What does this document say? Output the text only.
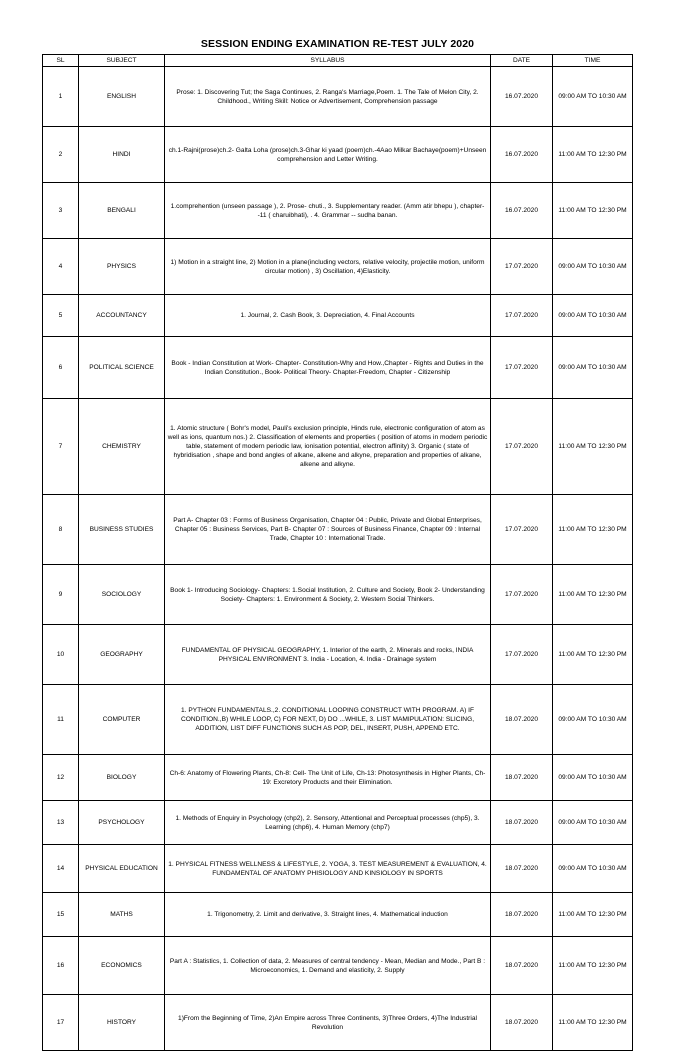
SESSION ENDING EXAMINATION RE-TEST JULY 2020
SL	SUBJECT	SYLLABUS	DATE	TIME
1	ENGLISH	Prose: 1. Discovering Tut; the Saga Continues, 2. Ranga's Marriage,Poem. 1. The Tale of Melon City, 2. Childhood., Writing Skill: Notice or Advertisement, Comprehension passage	16.07.2020	09:00 AM TO 10:30 AM
2	HINDI	ch.1-Rajni(prose)ch.2- Galta Loha (prose)ch.3-Ghar ki yaad (poem)ch.-4Aao Milkar Bachaye(poem)+Unseen comprehension and Letter Writing.	16.07.2020	11:00 AM TO 12:30 PM
3	BENGALI	1.comprehention (unseen passage ), 2. Prose- chuti., 3. Supplementary reader. (Amm atir bhepu ), chapter--11 ( charuibhati), . 4. Grammar -- sudha banan.	16.07.2020	11:00 AM TO 12:30 PM
4	PHYSICS	1) Motion in a straight line, 2) Motion in a plane(including vectors, relative velocity, projectile motion, uniform circular motion) , 3) Oscillation, 4)Elasticity.	17.07.2020	09:00 AM TO 10:30 AM
5	ACCOUNTANCY	1. Journal, 2. Cash Book, 3. Depreciation, 4. Final Accounts	17.07.2020	09:00 AM TO 10:30 AM
6	POLITICAL SCIENCE	Book - Indian Constitution at Work- Chapter- Constitution-Why and How.,Chapter - Rights and Duties in the Indian Constitution., Book- Political Theory- Chapter-Freedom, Chapter - Citizenship	17.07.2020	09:00 AM TO 10:30 AM
7	CHEMISTRY	1. Atomic structure ( Bohr's model, Pauli's exclusion principle, Hinds rule, electronic configuration of atom as well as ions, quantum nos.) 2. Classification of elements and properties ( position of atoms in modern periodic table, statement of modern periodic law, ionisation potential, electron affinity) 3. Organic ( state of hybridisation , shape and bond angles of alkane, alkene and alkyne, preparation and properties of alkane, alkene and alkyne.	17.07.2020	11:00 AM TO 12:30 PM
8	BUSINESS STUDIES	Part A- Chapter 03 : Forms of Business Organisation, Chapter 04 : Public, Private and Global Enterprises, Chapter 05 : Business Services, Part B- Chapter 07 : Sources of Business Finance, Chapter 09 : Internal Trade, Chapter 10 : International Trade.	17.07.2020	11:00 AM TO 12:30 PM
9	SOCIOLOGY	Book 1- Introducing Sociology- Chapters: 1.Social Institution, 2. Culture and Society, Book 2- Understanding Society- Chapters: 1. Environment & Society, 2. Western Social Thinkers.	17.07.2020	11:00 AM TO 12:30 PM
10	GEOGRAPHY	FUNDAMENTAL OF PHYSICAL GEOGRAPHY, 1. Interior of the earth, 2. Minerals and rocks, INDIA PHYSICAL ENVIRONMENT 3. India - Location, 4. India - Drainage system	17.07.2020	11:00 AM TO 12:30 PM
11	COMPUTER	1. PYTHON FUNDAMENTALS.,2. CONDITIONAL LOOPING CONSTRUCT WITH PROGRAM. A) IF CONDITION.,B) WHILE LOOP, C) FOR NEXT, D) DO ...WHILE, 3. LIST MAMIPULATION: SLICING, ADDITION, LIST DIFF FUNCTIONS SUCH AS POP, DEL, INSERT, PUSH, APPEND ETC.	18.07.2020	09:00 AM TO 10:30 AM
12	BIOLOGY	Ch-6: Anatomy of Flowering Plants, Ch-8: Cell- The Unit of Life, Ch-13: Photosynthesis in Higher Plants, Ch-19: Excretory Products and their Elimination.	18.07.2020	09:00 AM TO 10:30 AM
13	PSYCHOLOGY	1. Methods of Enquiry in Psychology (chp2), 2. Sensory, Attentional and Perceptual processes (chp5), 3. Learning (chp6), 4. Human Memory (chp7)	18.07.2020	09:00 AM TO 10:30 AM
14	PHYSICAL EDUCATION	1. PHYSICAL FITNESS WELLNESS & LIFESTYLE, 2. YOGA, 3. TEST MEASUREMENT & EVALUATION, 4. FUNDAMENTAL OF ANATOMY PHISIOLOGY AND KINSIOLOGY IN SPORTS	18.07.2020	09:00 AM TO 10:30 AM
15	MATHS	1. Trigonometry, 2. Limit and derivative, 3. Straight lines, 4. Mathematical induction	18.07.2020	11:00 AM TO 12:30 PM
16	ECONOMICS	Part A : Statistics, 1. Collection of data, 2. Measures of central tendency - Mean, Median and Mode., Part B : Microeconomics, 1. Demand and elasticity, 2. Supply	18.07.2020	11:00 AM TO 12:30 PM
17	HISTORY	1)From the Beginning of Time, 2)An Empire across Three Continents, 3)Three Orders, 4)The Industrial Revolution	18.07.2020	11:00 AM TO 12:30 PM
